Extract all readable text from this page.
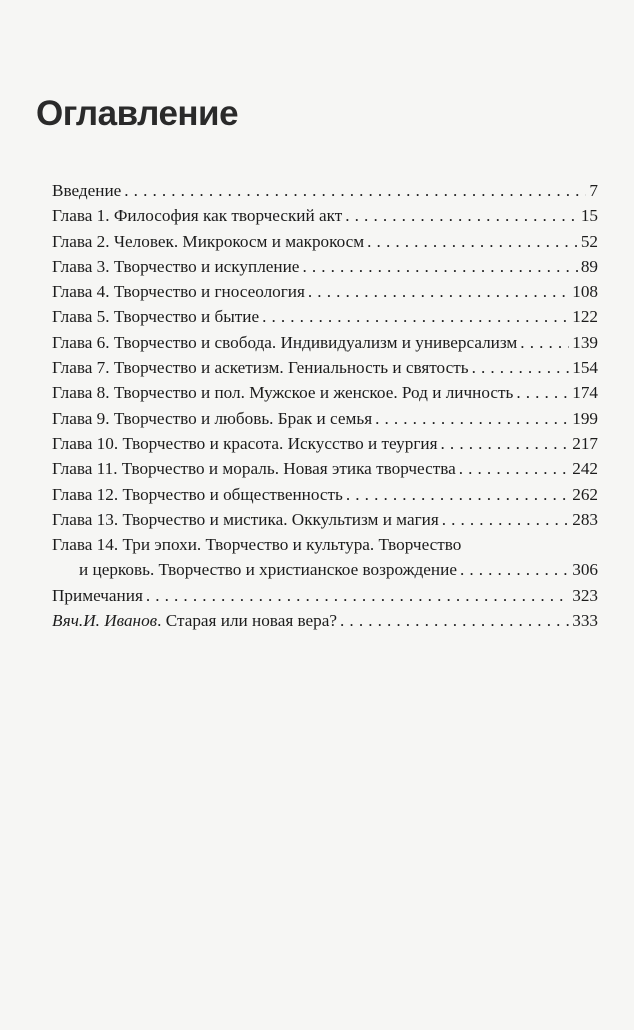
Оглавление
Введение . . .	7
Глава 1. Философия как творческий акт . . .	15
Глава 2. Человек. Микрокосм и макрокосм . . .	52
Глава 3. Творчество и искупление . . .	89
Глава 4. Творчество и гносеология . . .	108
Глава 5. Творчество и бытие . . .	122
Глава 6. Творчество и свобода. Индивидуализм и универсализм . . .	139
Глава 7. Творчество и аскетизм. Гениальность и святость . . .	154
Глава 8. Творчество и пол. Мужское и женское. Род и личность . . .	174
Глава 9. Творчество и любовь. Брак и семья . . .	199
Глава 10. Творчество и красота. Искусство и теургия . . .	217
Глава 11. Творчество и мораль. Новая этика творчества . . .	242
Глава 12. Творчество и общественность . . .	262
Глава 13. Творчество и мистика. Оккультизм и магия . . .	283
Глава 14. Три эпохи. Творчество и культура. Творчество
и церковь. Творчество и христианское возрождение . . .	306
Примечания . . .	323
Вяч.И. Иванов. Старая или новая вера? . . .	333
